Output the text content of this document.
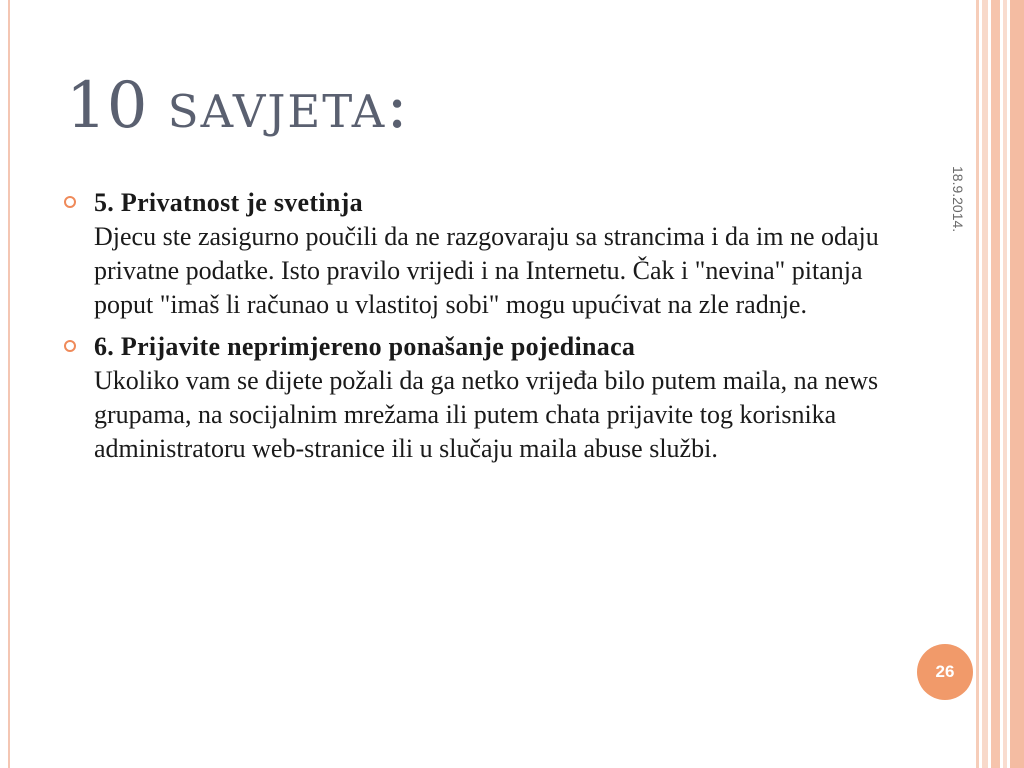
10 savjeta:
18.9.2014.
5. Privatnost je svetinja
Djecu ste zasigurno poučili da ne razgovaraju sa strancima i da im ne odaju privatne podatke. Isto pravilo vrijedi i na Internetu. Čak i "nevina" pitanja poput "imaš li računao u vlastitoj sobi" mogu upućivat na zle radnje.
6. Prijavite neprimjereno ponašanje pojedinaca
Ukoliko vam se dijete požali da ga netko vrijeđa bilo putem maila, na news grupama, na socijalnim mrežama ili putem chata prijavite tog korisnika administratoru web-stranice ili u slučaju maila abuse službi.
26
